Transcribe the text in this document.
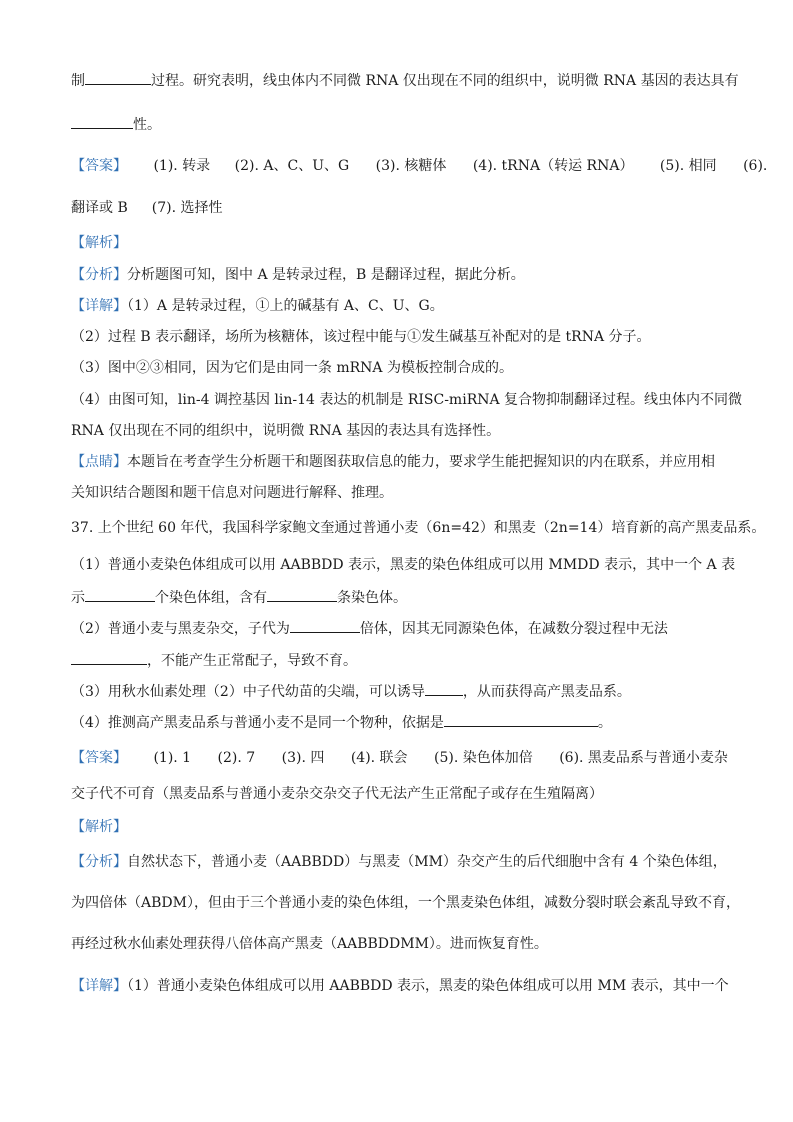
制	过程。研究表明，线虫体内不同微 RNA 仅出现在不同的组织中，说明微 RNA 基因的表达具有
性。
【答案】 (1). 转录 (2). A、C、U、G (3). 核糖体 (4). tRNA（转运 RNA） (5). 相同 (6).
翻译或 B (7). 选择性
【解析】
【分析】分析题图可知，图中 A 是转录过程，B 是翻译过程，据此分析。
【详解】（1）A 是转录过程，①上的碱基有 A、C、U、G。
（2）过程 B 表示翻译，场所为核糖体，该过程中能与①发生碱基互补配对的是 tRNA 分子。
（3）图中②③相同，因为它们是由同一条 mRNA 为模板控制合成的。
（4）由图可知，lin-4 调控基因 lin-14 表达的机制是 RISC-miRNA 复合物抑制翻译过程。线虫体内不同微
RNA 仅出现在不同的组织中，说明微 RNA 基因的表达具有选择性。
【点睛】本题旨在考查学生分析题干和题图获取信息的能力，要求学生能把握知识的内在联系，并应用相
关知识结合题图和题干信息对问题进行解释、推理。
37. 上个世纪 60 年代，我国科学家鲍文奎通过普通小麦（6n=42）和黑麦（2n=14）培育新的高产黑麦品系。
（1）普通小麦染色体组成可以用 AABBDD 表示，黑麦的染色体组成可以用 MMDD 表示，其中一个 A 表
示	个染色体组，含有	条染色体。
（2）普通小麦与黑麦杂交，子代为	倍体，因其无同源染色体，在减数分裂过程中无法
，不能产生正常配子，导致不育。
（3）用秋水仙素处理（2）中子代幼苗的尖端，可以诱导	，从而获得高产黑麦品系。
（4）推测高产黑麦品系与普通小麦不是同一个物种，依据是	。
【答案】 (1). 1 (2). 7 (3). 四 (4). 联会 (5). 染色体加倍 (6). 黑麦品系与普通小麦杂
交子代不可育（黑麦品系与普通小麦杂交杂交子代无法产生正常配子或存在生殖隔离）
【解析】
【分析】自然状态下，普通小麦（AABBDD）与黑麦（MM）杂交产生的后代细胞中含有 4 个染色体组，
为四倍体（ABDM），但由于三个普通小麦的染色体组，一个黑麦染色体组，减数分裂时联会紊乱导致不育，
再经过秋水仙素处理获得八倍体高产黑麦（AABBDDMM）。进而恢复育性。
【详解】（1）普通小麦染色体组成可以用 AABBDD 表示，黑麦的染色体组成可以用 MM 表示，其中一个
